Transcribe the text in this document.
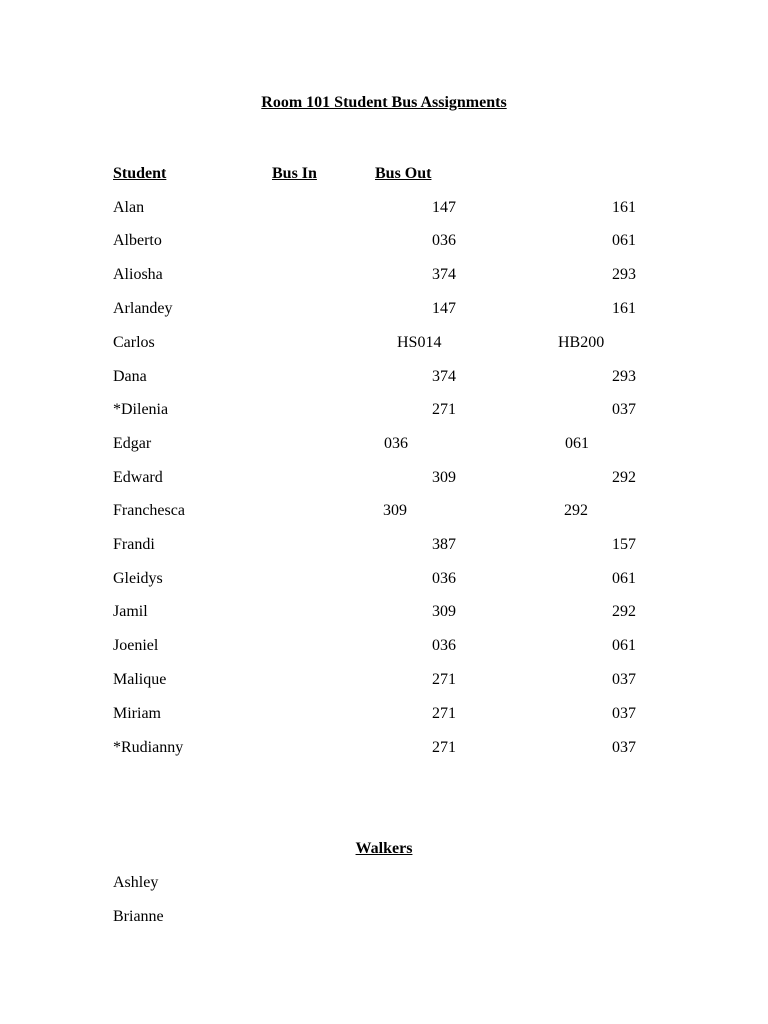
Room 101 Student Bus Assignments
Student	Bus In	Bus Out
Alan	147	161
Alberto	036	061
Aliosha	374	293
Arlandey	147	161
Carlos	HS014	HB200
Dana	374	293
*Dilenia	271	037
Edgar	036	061
Edward	309	292
Franchesca	309	292
Frandi	387	157
Gleidys	036	061
Jamil	309	292
Joeniel	036	061
Malique	271	037
Miriam	271	037
*Rudianny	271	037
Walkers
Ashley
Brianne
